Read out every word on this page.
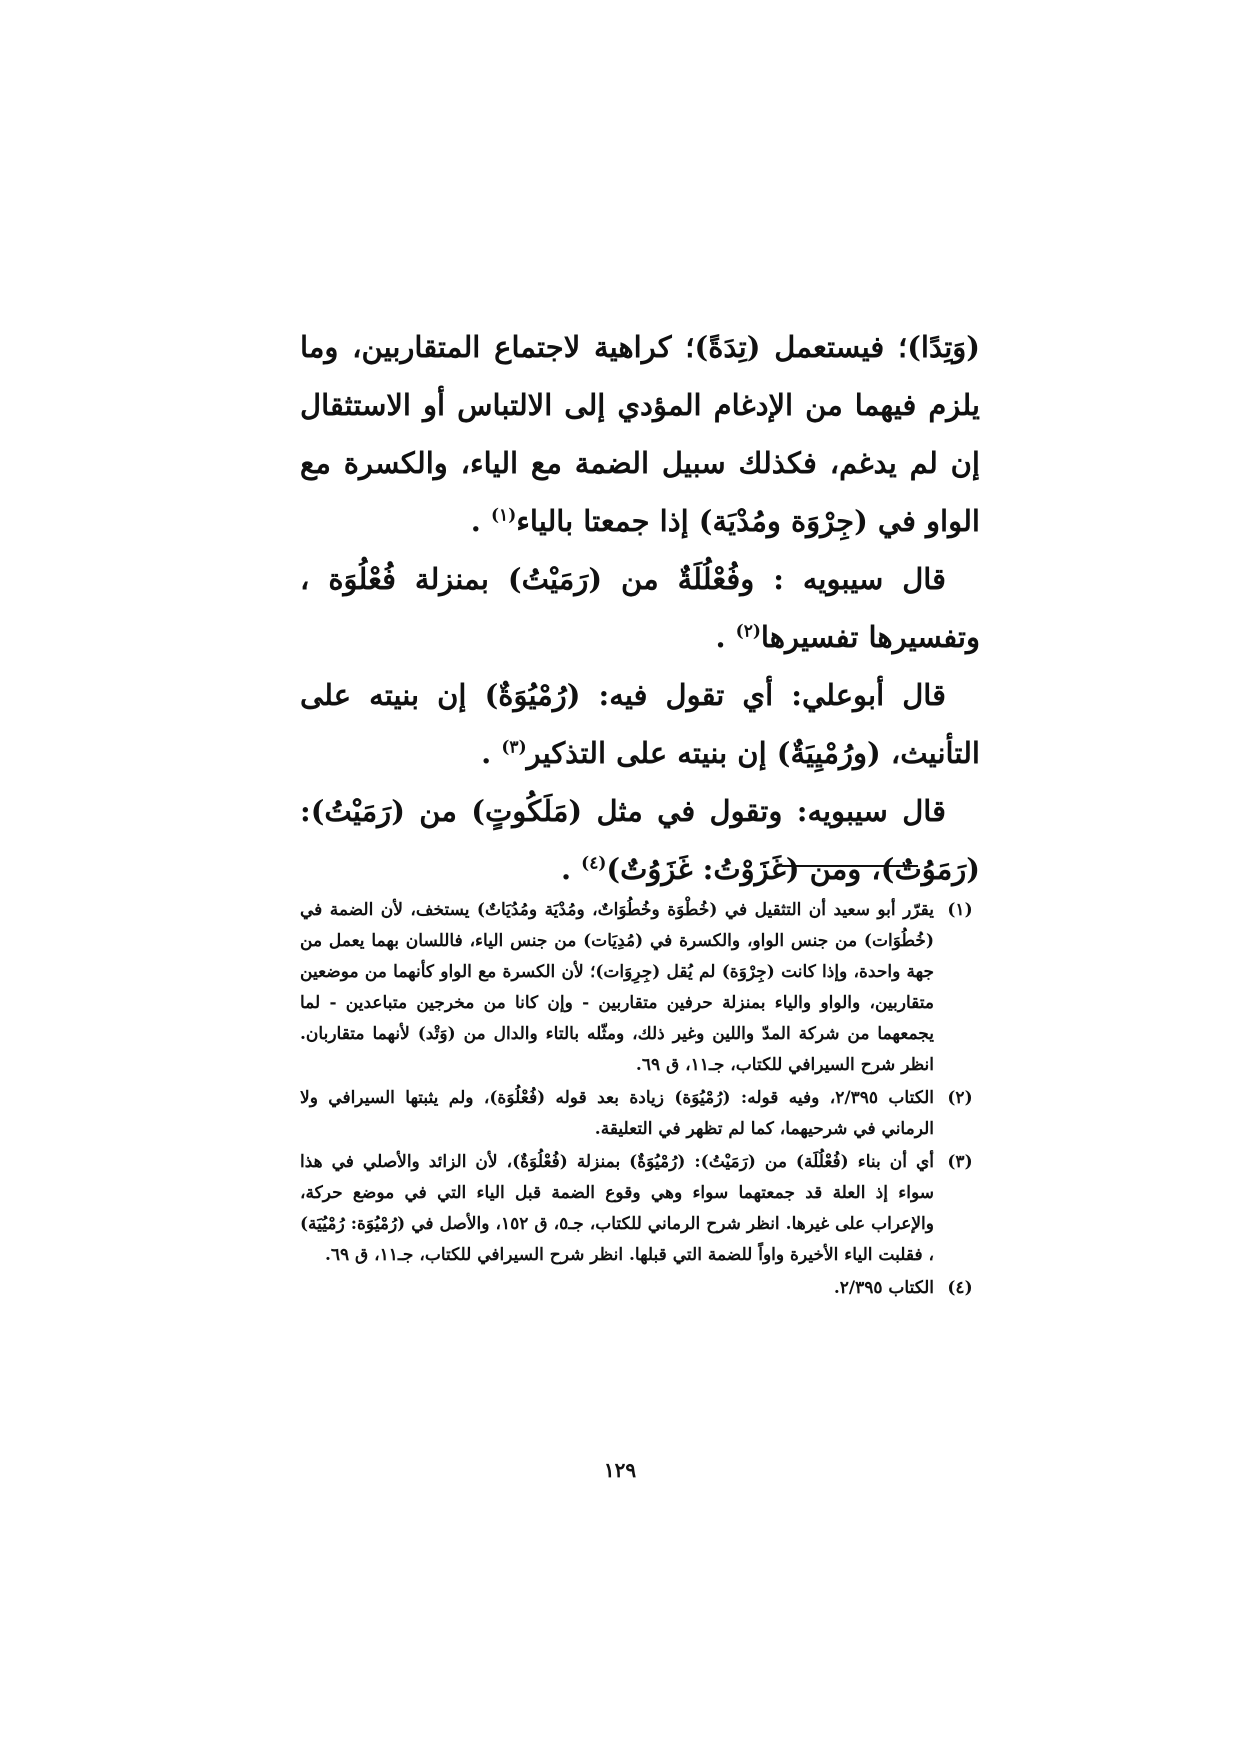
(وَتِدًا)؛ فيستعمل (تِدَةً)؛ كراهية لاجتماع المتقاربين، وما يلزم فيهما من الإدغام المؤدي إلى الالتباس أو الاستثقال إن لم يدغم، فكذلك سبيل الضمة مع الياء، والكسرة مع الواو في (جِرْوَة ومُدْيَة) إذا جمعتا بالياء$^{(١)}$ .

قال سيبويه : وفُعْلُلَةٌ من (رَمَيْتُ) بمنزلة فُعْلُوَة ، وتفسيرها تفسيرها$^{(٢)}$ .

قال أبوعلي: أي تقول فيه: (رُمْيُوَةٌ) إن بنيته على التأنيث، (ورُمْيِيَةٌ) إن بنيته على التذكير$^{(٣)}$ .

قال سيبويه: وتقول في مثل (مَلَكُوتٍ) من (رَمَيْتُ): (رَمَوُتٌ)، ومن (غَزَوْتُ: غَزَوُتٌ)$^{(٤)}$ .

(١)
يقرّر أبو سعيد أن التثقيل في (خُطْوَة وخُطُوَاتٌ، ومُدْيَة ومُدُيَاتٌ) يستخف، لأن الضمة في (خُطُوَات) من جنس الواو، والكسرة في (مُدِيَات) من جنس الياء، فاللسان بهما يعمل من جهة واحدة، وإذا كانت (جِرْوَة) لم يُقل (جِرِوَات)؛ لأن الكسرة مع الواو كأنهما من موضعين متقاربين، والواو والياء بمنزلة حرفين متقاربين - وإن كانا من مخرجين متباعدين - لما يجمعهما من شركة المدّ واللين وغير ذلك، ومثّله بالتاء والدال من (وَتْد) لأنهما متقاربان. انظر شرح السيرافي للكتاب، جـ١١، ق ٦٩.
(٢)
الكتاب ٢/٣٩٥، وفيه قوله: (رُمْيُوَة) زيادة بعد قوله (فُعْلُوَة)، ولم يثبتها السيرافي ولا الرماني في شرحيهما، كما لم تظهر في التعليقة.
(٣)
أي أن بناء (فُعْلُلَة) من (رَمَيْتُ): (رُمْيُوَةٌ) بمنزلة (فُعْلُوَةٌ)، لأن الزائد والأصلي في هذا سواء إذ العلة قد جمعتهما سواء وهي وقوع الضمة قبل الياء التي في موضع حركة، والإعراب على غيرها. انظر شرح الرماني للكتاب، جـ٥، ق ١٥٢، والأصل في (رُمْيُوَة: رُمْيُيَة) ، فقلبت الياء الأخيرة واواً للضمة التي قبلها. انظر شرح السيرافي للكتاب، جـ١١، ق ٦٩.
(٤)
الكتاب ٢/٣٩٥.
١٢٩
